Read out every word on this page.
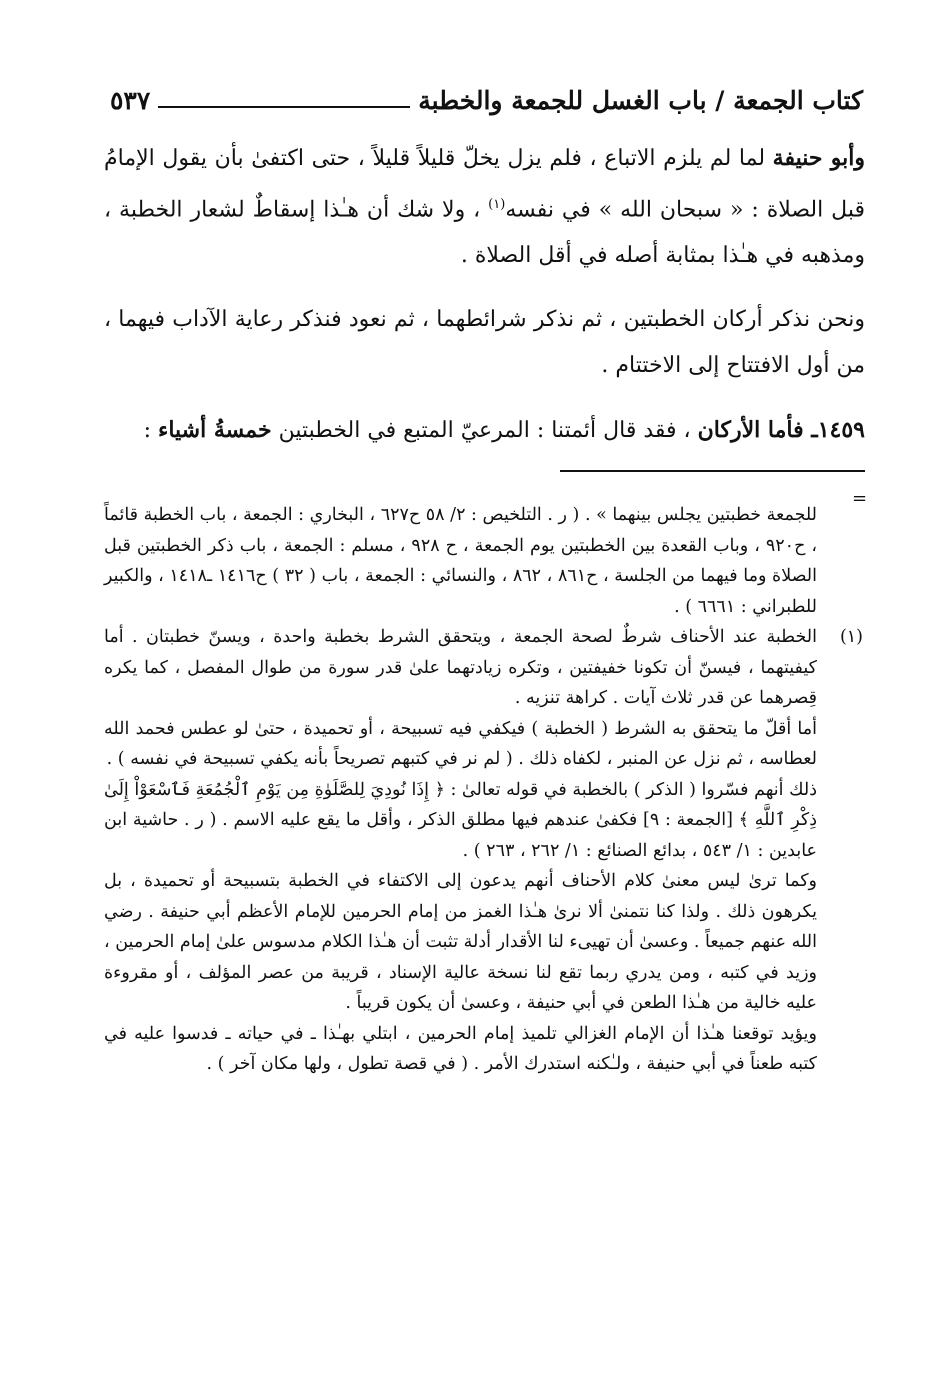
كتاب الجمعة / باب الغسل للجمعة والخطبة
٥٣٧

وأبو حنيفة لما لم يلزم الاتباع ، فلم يزل يخلّ قليلاً قليلاً ، حتى اكتفىٰ بأن يقول الإمامُ قبل الصلاة : « سبحان الله » في نفسه$^{(١)}$ ، ولا شك أن هـٰذا إسقاطٌ لشعار الخطبة ، ومذهبه في هـٰذا بمثابة أصله في أقل الصلاة .

ونحن نذكر أركان الخطبتين ، ثم نذكر شرائطهما ، ثم نعود فنذكر رعاية الآداب فيهما ، من أول الافتتاح إلى الاختتام .

١٤٥٩ـ فأما الأركان ، فقد قال أئمتنا : المرعيّ المتبع في الخطبتين خمسةُ أشياء :

=

للجمعة خطبتين يجلس بينهما » . ( ر . التلخيص : ٢/ ٥٨ ح٦٢٧ ، البخاري : الجمعة ، باب الخطبة قائماً ، ح٩٢٠ ، وباب القعدة بين الخطبتين يوم الجمعة ، ح ٩٢٨ ، مسلم : الجمعة ، باب ذكر الخطبتين قبل الصلاة وما فيهما من الجلسة ، ح٨٦١ ، ٨٦٢ ، والنسائي : الجمعة ، باب ( ٣٢ ) ح١٤١٦ ـ١٤١٨ ، والكبير للطبراني : ٦٦٦١ ) .

(١)

الخطبة عند الأحناف شرطٌ لصحة الجمعة ، ويتحقق الشرط بخطبة واحدة ، ويسنّ خطبتان . أما كيفيتهما ، فيسنّ أن تكونا خفيفتين ، وتكره زيادتهما علىٰ قدر سورة من طوال المفصل ، كما يكره قِصرهما عن قدر ثلاث آيات . كراهة تنزيه .

أما أقلّ ما يتحقق به الشرط ( الخطبة ) فيكفي فيه تسبيحة ، أو تحميدة ، حتىٰ لو عطس فحمد الله لعطاسه ، ثم نزل عن المنبر ، لكفاه ذلك . ( لم نر في كتبهم تصريحاً بأنه يكفي تسبيحة في نفسه ) .

ذلك أنهم فسّروا ( الذكر ) بالخطبة في قوله تعالىٰ : ﴿ إِذَا نُودِيَ لِلصَّلَوٰةِ مِن يَوْمِ ٱلْجُمُعَةِ فَٱسْعَوْاْ إِلَىٰ ذِكْرِ ٱللَّهِ ﴾ [الجمعة : ٩] فكفىٰ عندهم فيها مطلق الذكر ، وأقل ما يقع عليه الاسم . ( ر . حاشية ابن عابدين : ١/ ٥٤٣ ، بدائع الصنائع : ١/ ٢٦٢ ، ٢٦٣ ) .

وكما ترىٰ ليس معنىٰ كلام الأحناف أنهم يدعون إلى الاكتفاء في الخطبة بتسبيحة أو تحميدة ، بل يكرهون ذلك . ولذا كنا نتمنىٰ ألا نرىٰ هـٰذا الغمز من إمام الحرمين للإمام الأعظم أبي حنيفة . رضي الله عنهم جميعاً . وعسىٰ أن تهيىء لنا الأقدار أدلة تثبت أن هـٰذا الكلام مدسوس علىٰ إمام الحرمين ، وزيد في كتبه ، ومن يدري ربما تقع لنا نسخة عالية الإسناد ، قريبة من عصر المؤلف ، أو مقروءة عليه خالية من هـٰذا الطعن في أبي حنيفة ، وعسىٰ أن يكون قريباً .

ويؤيد توقعنا هـٰذا أن الإمام الغزالي تلميذ إمام الحرمين ، ابتلي بهـٰذا ـ في حياته ـ فدسوا عليه في كتبه طعناً في أبي حنيفة ، ولـٰكنه استدرك الأمر . ( في قصة تطول ، ولها مكان آخر ) .
